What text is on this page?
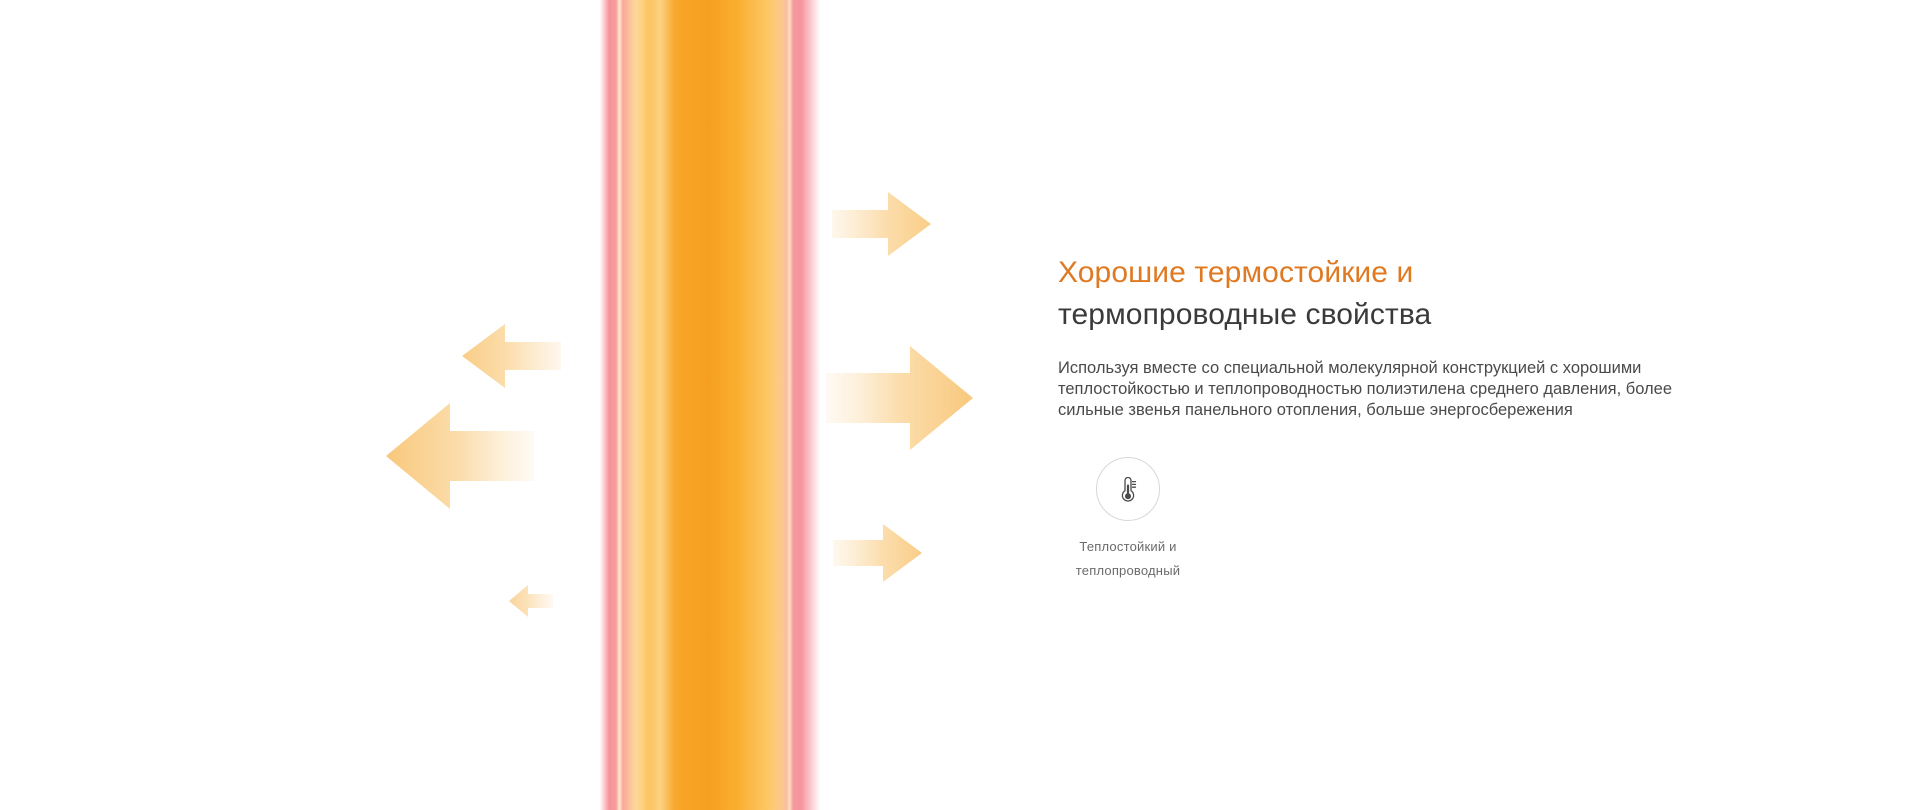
Хорошие термостойкие и
термопроводные свойства

Используя вместе со специальной молекулярной конструкцией с хорошими теплостойкостью и теплопроводностью полиэтилена среднего давления, более сильные звенья панельного отопления, больше энергосбережения

Теплостойкий и
теплопроводный
